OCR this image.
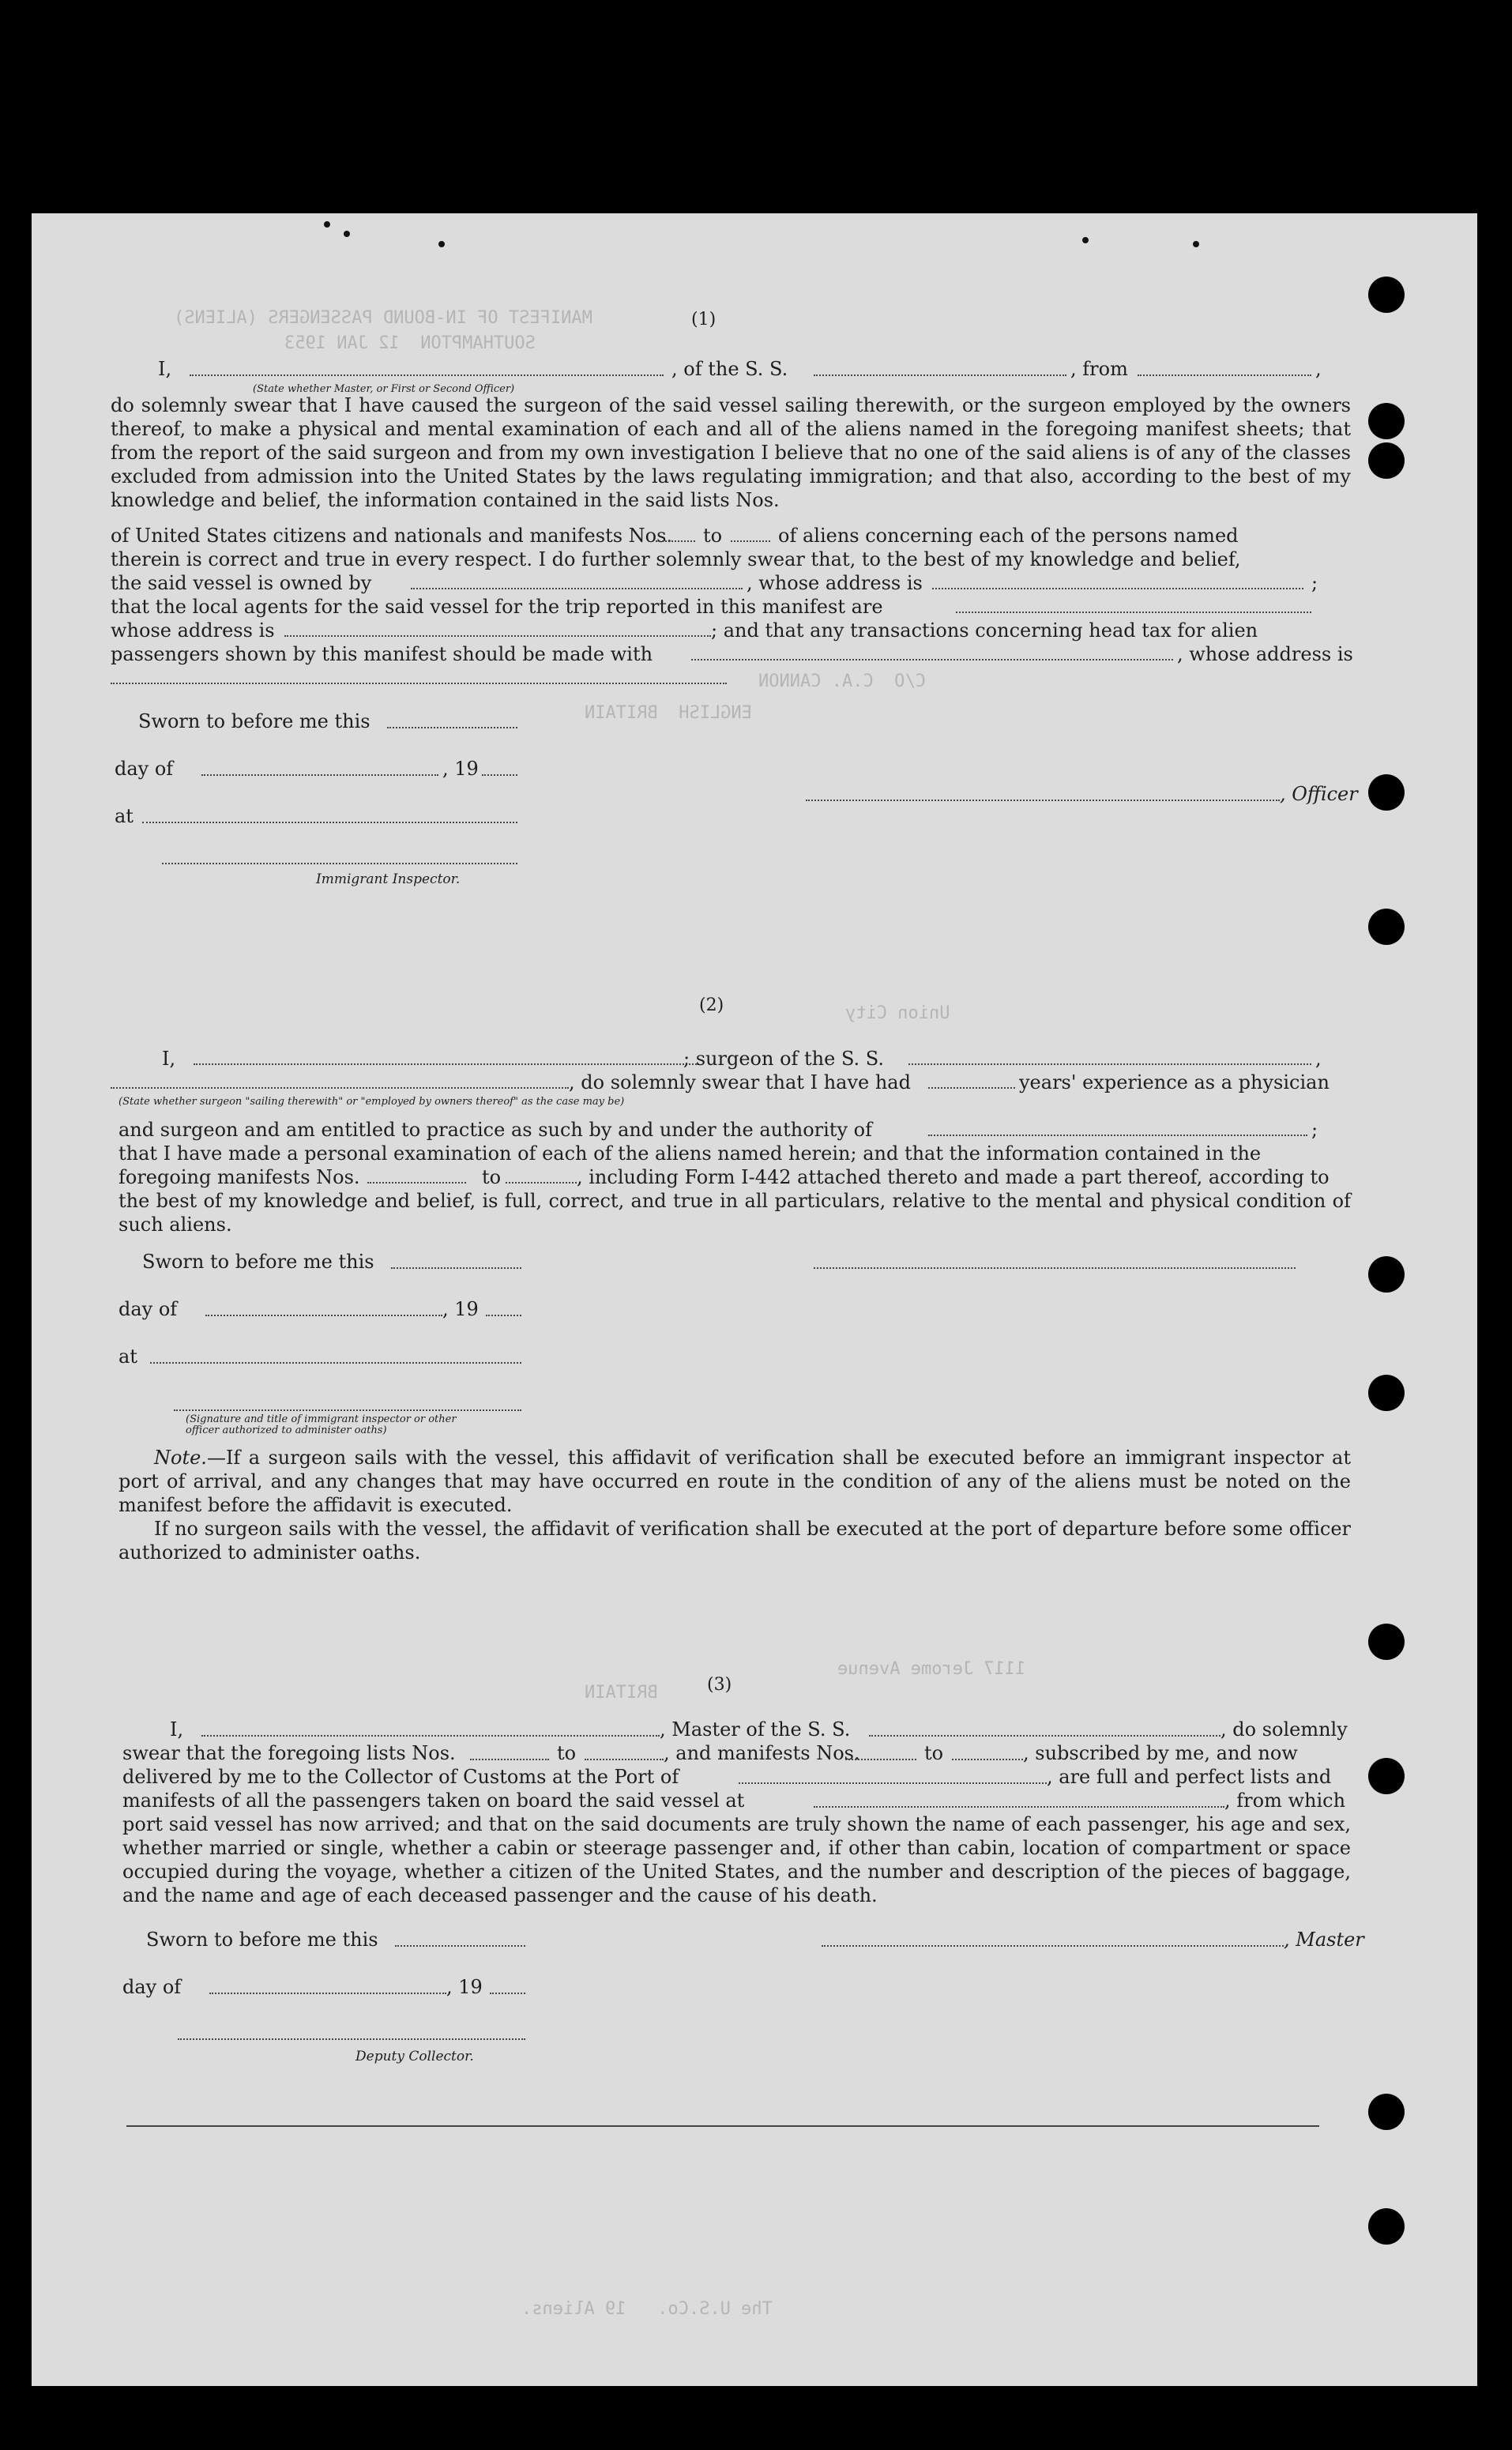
MANIFEST OF IN-BOUND PASSENGERS (ALIENS)
SOUTHAMPTON  12 JAN 1953
C/O  C.A. CANNON
ENGLISH  BRITAIN
Union City
1117 Jerome Avenue
BRITAIN
The U.S.Co.   19 Aliens.
(1)
I,	, of the S. S.	, from	,
(State whether Master, or First or Second Officer)
do solemnly swear that I have caused the surgeon of the said vessel sailing therewith, or the surgeon employed by the owners thereof, to make a physical and mental examination of each and all of the aliens named in the foregoing manifest sheets; that from the report of the said surgeon and from my own investigation I believe that no one of the said aliens is of any of the classes excluded from admission into the United States by the laws regulating immigration; and that also, according to the best of my knowledge and belief, the information contained in the said lists Nos.
of United States citizens and nationals and manifests Nos. to	of aliens concerning each of the persons named
therein is correct and true in every respect. I do further solemnly swear that, to the best of my knowledge and belief,
the said vessel is owned by	, whose address is	;
that the local agents for the said vessel for the trip reported in this manifest are
whose address is	; and that any transactions concerning head tax for alien
passengers shown by this manifest should be made with	, whose address is
Sworn to before me this
day of	, 19
at
Immigrant Inspector.
, Officer
(2)
I,	; surgeon of the S. S.	,
, do solemnly swear that I have had	years' experience as a physician
(State whether surgeon "sailing therewith" or "employed by owners thereof" as the case may be)
and surgeon and am entitled to practice as such by and under the authority of	;
that I have made a personal examination of each of the aliens named herein; and that the information contained in the
foregoing manifests Nos.	to	, including Form I-442 attached thereto and made a part thereof, according to
the best of my knowledge and belief, is full, correct, and true in all particulars, relative to the mental and physical condition of such aliens.
Sworn to before me this
day of	, 19
at
(Signature and title of immigrant inspector or other officer authorized to administer oaths)
Note.—If a surgeon sails with the vessel, this affidavit of verification shall be executed before an immigrant inspector at port of arrival, and any changes that may have occurred en route in the condition of any of the aliens must be noted on the manifest before the affidavit is executed.
If no surgeon sails with the vessel, the affidavit of verification shall be executed at the port of departure before some officer authorized to administer oaths.
(3)
I,	, Master of the S. S.	, do solemnly
swear that the foregoing lists Nos.	to	, and manifests Nos.	to	, subscribed by me, and now
delivered by me to the Collector of Customs at the Port of	, are full and perfect lists and
manifests of all the passengers taken on board the said vessel at	, from which
port said vessel has now arrived; and that on the said documents are truly shown the name of each passenger, his age and sex, whether married or single, whether a cabin or steerage passenger and, if other than cabin, location of compartment or space occupied during the voyage, whether a citizen of the United States, and the number and description of the pieces of baggage, and the name and age of each deceased passenger and the cause of his death.
Sworn to before me this
day of	, 19
Deputy Collector.
, Master
